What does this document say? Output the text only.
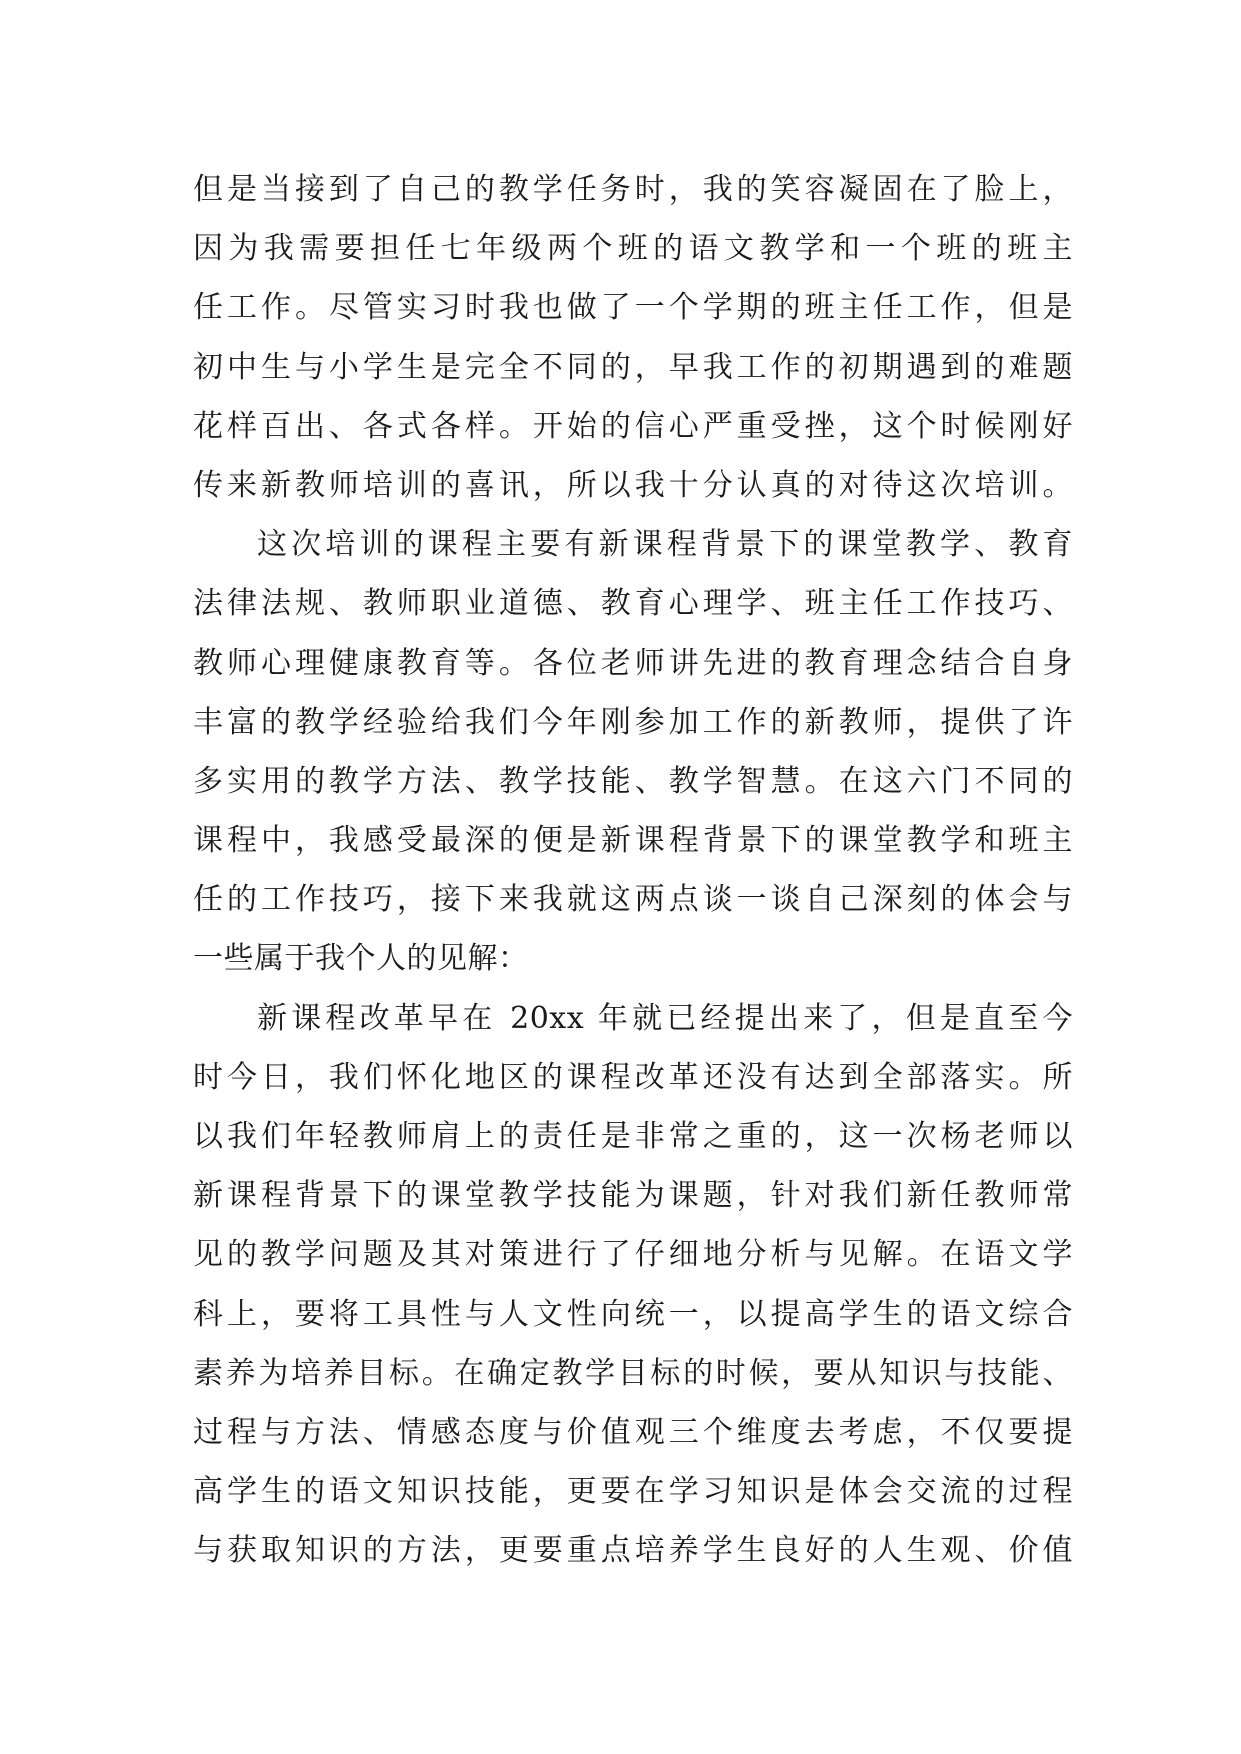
但是当接到了自己的教学任务时，我的笑容凝固在了脸上，
因为我需要担任七年级两个班的语文教学和一个班的班主
任工作。尽管实习时我也做了一个学期的班主任工作，但是
初中生与小学生是完全不同的，早我工作的初期遇到的难题
花样百出、各式各样。开始的信心严重受挫，这个时候刚好
传来新教师培训的喜讯，所以我十分认真的对待这次培训。
这次培训的课程主要有新课程背景下的课堂教学、教育
法律法规、教师职业道德、教育心理学、班主任工作技巧、
教师心理健康教育等。各位老师讲先进的教育理念结合自身
丰富的教学经验给我们今年刚参加工作的新教师，提供了许
多实用的教学方法、教学技能、教学智慧。在这六门不同的
课程中，我感受最深的便是新课程背景下的课堂教学和班主
任的工作技巧，接下来我就这两点谈一谈自己深刻的体会与
一些属于我个人的见解：
新课程改革早在 20xx 年就已经提出来了，但是直至今
时今日，我们怀化地区的课程改革还没有达到全部落实。所
以我们年轻教师肩上的责任是非常之重的，这一次杨老师以
新课程背景下的课堂教学技能为课题，针对我们新任教师常
见的教学问题及其对策进行了仔细地分析与见解。在语文学
科上，要将工具性与人文性向统一，以提高学生的语文综合
素养为培养目标。在确定教学目标的时候，要从知识与技能、
过程与方法、情感态度与价值观三个维度去考虑，不仅要提
高学生的语文知识技能，更要在学习知识是体会交流的过程
与获取知识的方法，更要重点培养学生良好的人生观、价值
